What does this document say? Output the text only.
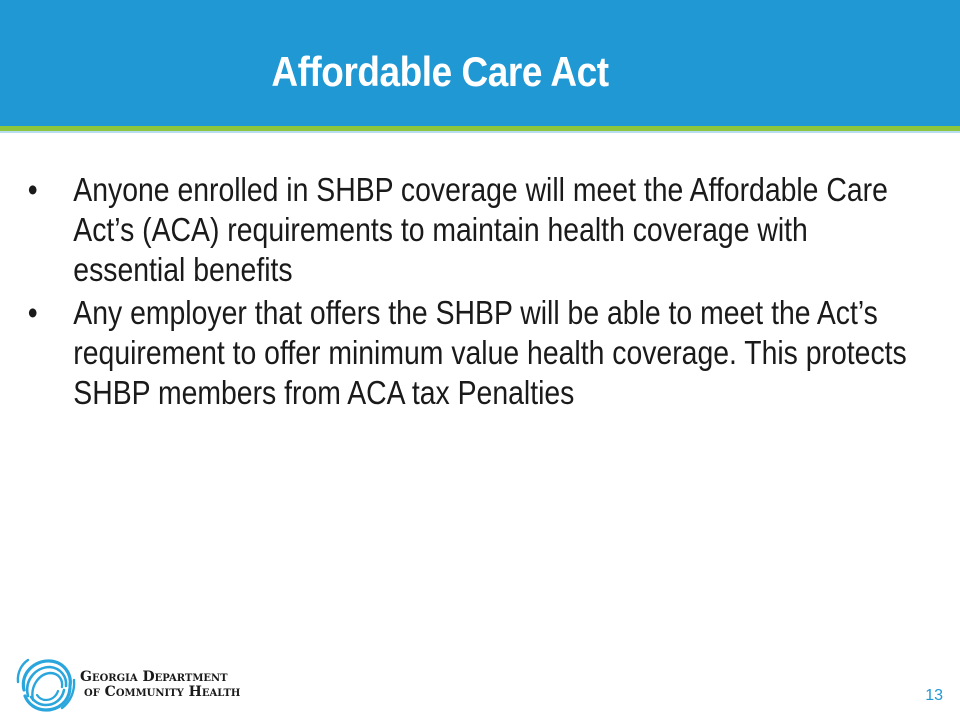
Affordable Care Act
•	Anyone enrolled in SHBP coverage will meet the Affordable Care Act’s (ACA) requirements to maintain health coverage with essential benefits
•	Any employer that offers the SHBP will be able to meet the Act’s requirement to offer minimum value health coverage. This protects SHBP members from ACA tax Penalties
Georgia Department
of Community Health	13
